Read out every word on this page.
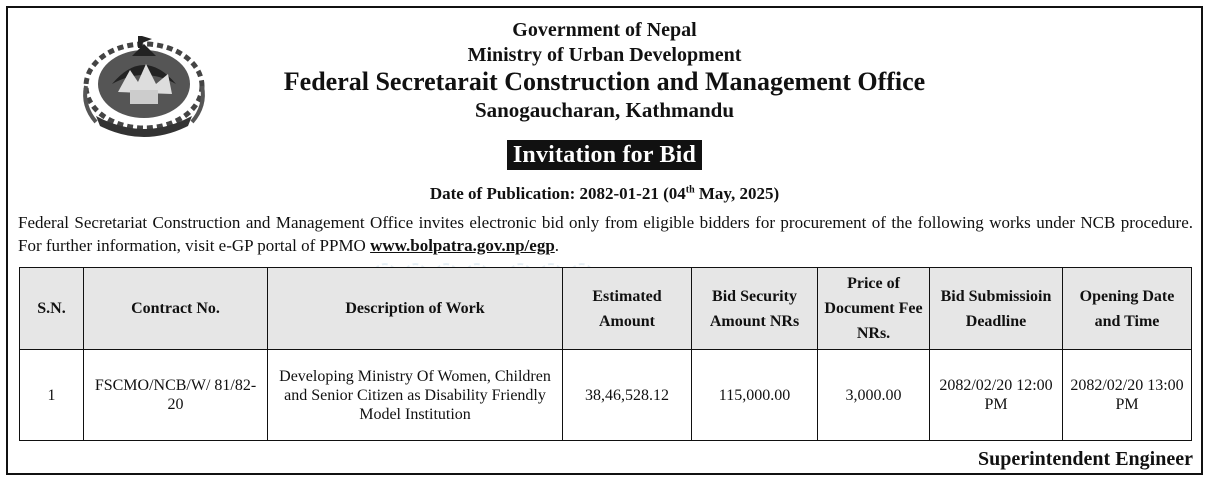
Government of Nepal
Ministry of Urban Development
Federal Secretarait Construction and Management Office
Sanogaucharan, Kathmandu
Invitation for Bid
Date of Publication: 2082-01-21 (04th May, 2025)
Federal Secretariat Construction and Management Office invites electronic bid only from eligible bidders for procurement of the following works under NCB procedure. For further information, visit e-GP portal of PPMO www.bolpatra.gov.np/egp.
S.N.	Contract No.	Description of Work	Estimated Amount	Bid Security Amount NRs	Price of Document Fee NRs.	Bid Submissioin Deadline	Opening Date and Time
1	FSCMO/NCB/W/ 81/82-20	Developing Ministry Of Women, Children and Senior Citizen as Disability Friendly Model Institution	38,46,528.12	115,000.00	3,000.00	2082/02/20 12:00 PM	2082/02/20 13:00 PM
Superintendent Engineer
